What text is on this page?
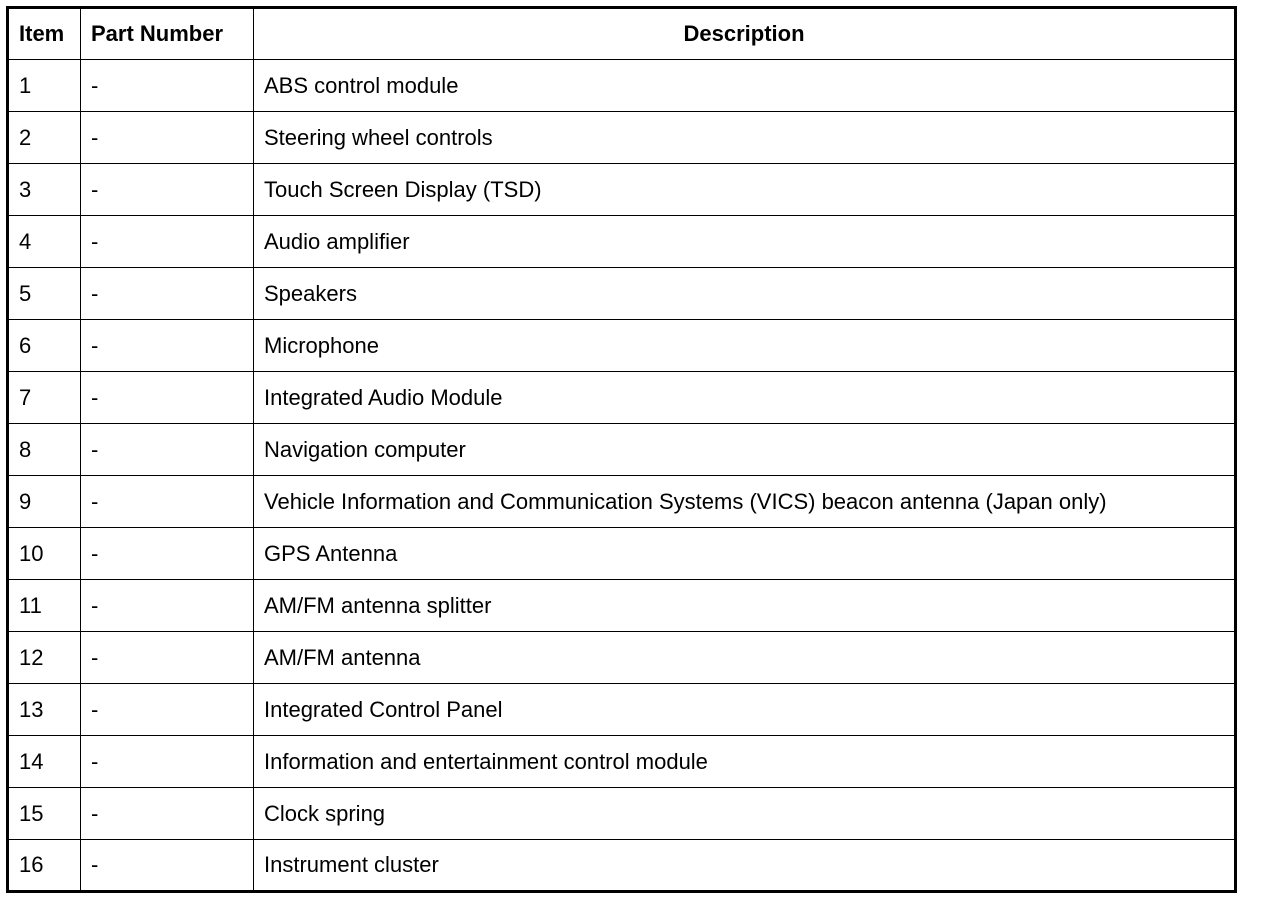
Item	Part Number	Description
1	-	ABS control module
2	-	Steering wheel controls
3	-	Touch Screen Display (TSD)
4	-	Audio amplifier
5	-	Speakers
6	-	Microphone
7	-	Integrated Audio Module
8	-	Navigation computer
9	-	Vehicle Information and Communication Systems (VICS) beacon antenna (Japan only)
10	-	GPS Antenna
11	-	AM/FM antenna splitter
12	-	AM/FM antenna
13	-	Integrated Control Panel
14	-	Information and entertainment control module
15	-	Clock spring
16	-	Instrument cluster
